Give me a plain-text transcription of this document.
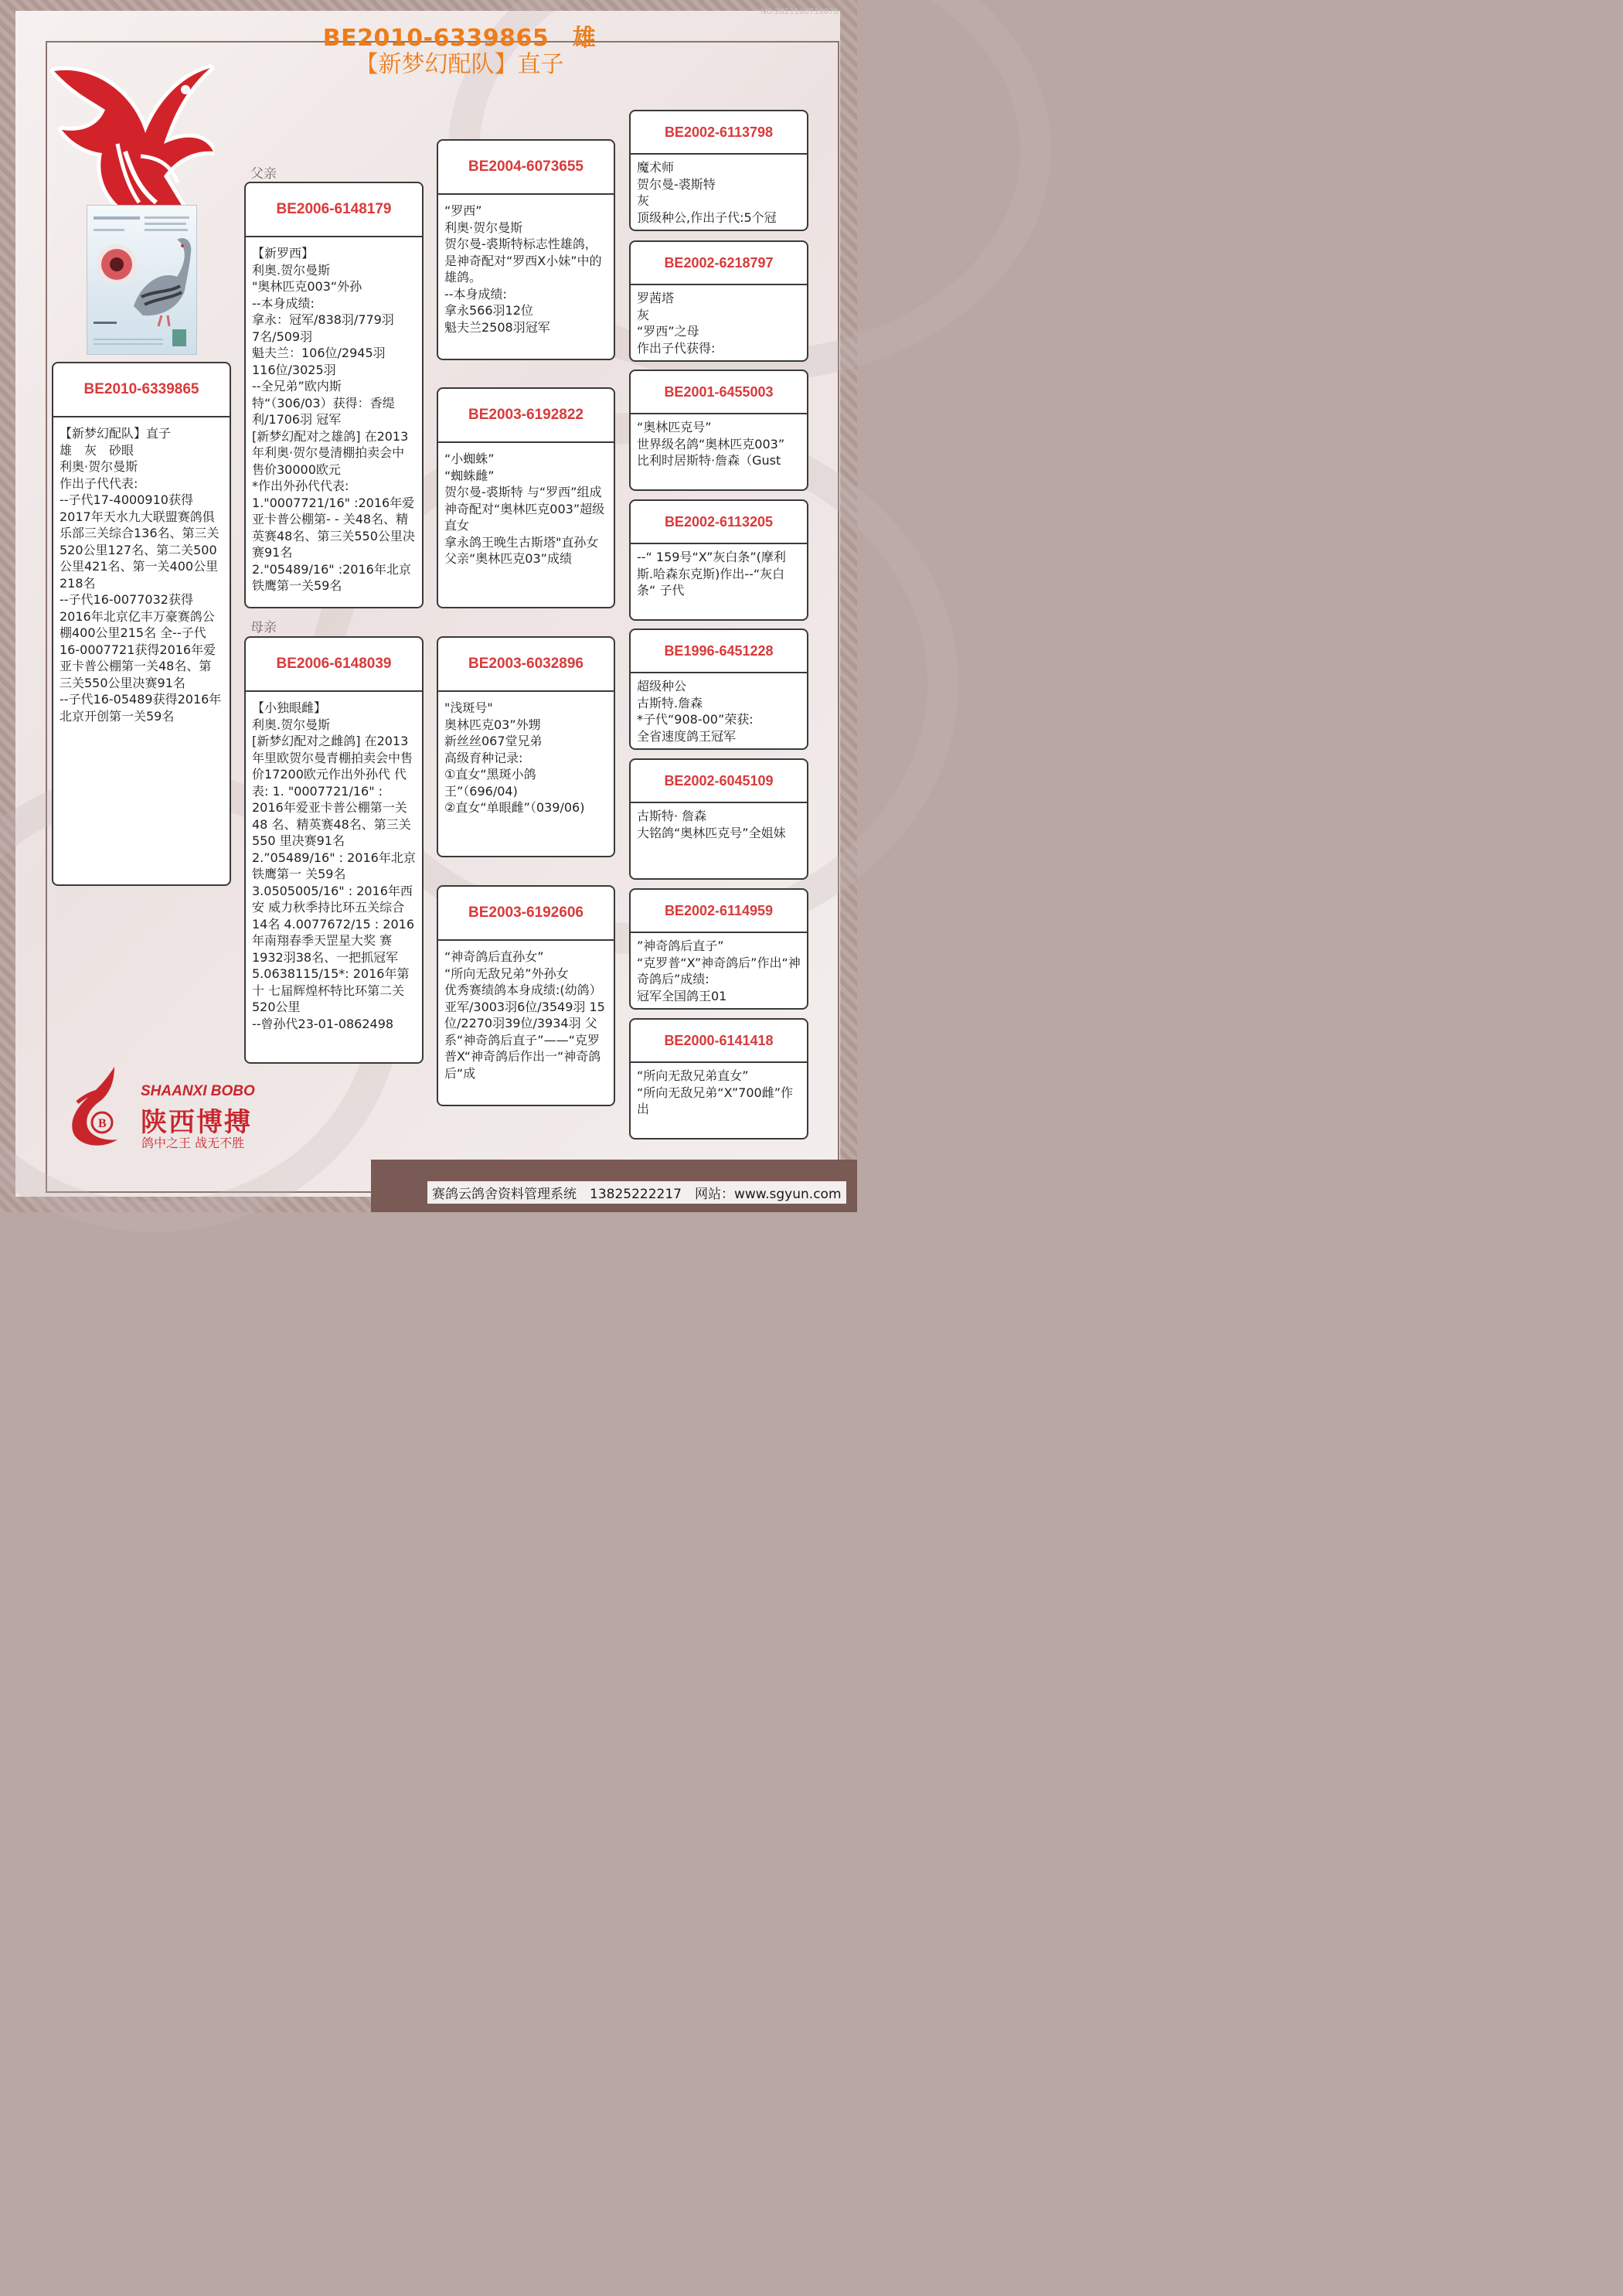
NO.2021100718870
BE2010-6339865　雄
【新梦幻配队】直子
父亲
母亲
BE2010-6339865
【新梦幻配队】直子
雄　灰　砂眼
利奥·贺尔曼斯
作出子代代表:
--子代17-4000910获得2017年天水九大联盟赛鸽俱乐部三关综合136名、第三关520公里127名、第二关500公里421名、第一关400公里218名
--子代16-0077032获得2016年北京亿丰万豪赛鸽公棚400公里215名 全--子代16-0007721获得2016年爱亚卡普公棚第一关48名、第三关550公里决赛91名
--子代16-05489获得2016年北京开创第一关59名
BE2006-6148179
【新罗西】
利奥.贺尔曼斯
"奥林匹克003“外孙
--本身成绩:
拿永：冠军/838羽/779羽　　7名/509羽
魁夫兰：106位/2945羽　116位/3025羽
--全兄弟”欧内斯特“（306/03）获得：香缇利/1706羽 冠军
[新梦幻配对之雄鸽] 在2013年利奥·贺尔曼清棚拍卖会中售价30000欧元
*作出外孙代代表:
1."0007721/16" :2016年爱亚卡普公棚第- - 关48名、精英赛48名、第三关550公里决赛91名
2."05489/16" :2016年北京铁鹰第一关59名
BE2006-6148039
【小独眼雌】
利奥.贺尔曼斯
[新梦幻配对之雌鸽] 在2013年里欧贺尔曼青棚拍卖会中售价17200欧元作出外孙代 代表: 1. "0007721/16" : 2016年爱亚卡普公棚第一关48 名、精英赛48名、第三关550 里决赛91名 2.”05489/16" : 2016年北京铁鹰第一 关59名 3.0505005/16" : 2016年西安 威力秋季持比环五关综合14名 4.0077672/15 : 2016年南翔春季天罡星大奖 赛1932羽38名、一把抓冠军 5.0638115/15*: 2016年第十 七届辉煌杯特比环第二关520公里
--曾孙代23-01-0862498
BE2004-6073655
“罗西”
利奥·贺尔曼斯
贺尔曼-裘斯特标志性雄鸽，是神奇配对“罗西X小妹”中的雄鸽。
--本身成绩:
拿永566羽12位
魁夫兰2508羽冠军
BE2003-6192822
“小蜘蛛”
“蜘蛛雌”
贺尔曼-裘斯特 与“罗西”组成神奇配对“奥林匹克003”超级直女
拿永鸽王晚生古斯塔"直孙女
父亲“奥林匹克03”成绩
BE2003-6032896
"浅斑号"
奥林匹克03”外甥
新丝丝067堂兄弟
高级育种记录:
①直女“黑斑小鸽王”（696/04)
②直女“单眼雌”（039/06)
BE2003-6192606
“神奇鸽后直孙女”
“所向无敌兄弟”外孙女
优秀赛绩鸽本身成绩:(幼鸽）亚军/3003羽6位/3549羽 15位/2270羽39位/3934羽 父系“神奇鸽后直子”——“克罗普X“神奇鸽后作出一“神奇鸽后“成
BE2002-6113798
魔术师
贺尔曼-裘斯特
灰
顶级种公,作出子代:5个冠
BE2002-6218797
罗茜塔
灰
“罗西”之母
作出子代获得:
BE2001-6455003
“奥林匹克号”
世界级名鸽“奥林匹克003”
比利时居斯特·詹森（Gust
BE2002-6113205
--“ 159号“X”灰白条”(摩利斯.哈森东克斯)作出--“灰白条“ 子代
BE1996-6451228
超级种公
古斯特.詹森
*子代“908-00”荣获:
全省速度鸽王冠军
BE2002-6045109
古斯特· 詹森
大铭鸽“奥林匹克号”全姐妹
BE2002-6114959
”神奇鸽后直子”
“克罗普“X”神奇鸽后”作出“神奇鸽后”成绩:
冠军全国鸽王01
BE2000-6141418
“所向无敌兄弟直女”
“所向无敌兄弟“X”700雌”作出
B
SHAANXI BOBO
陕西博搏
鸽中之王 战无不胜
赛鸽云鸽舍资料管理系统　13825222217　网站：www.sgyun.com
